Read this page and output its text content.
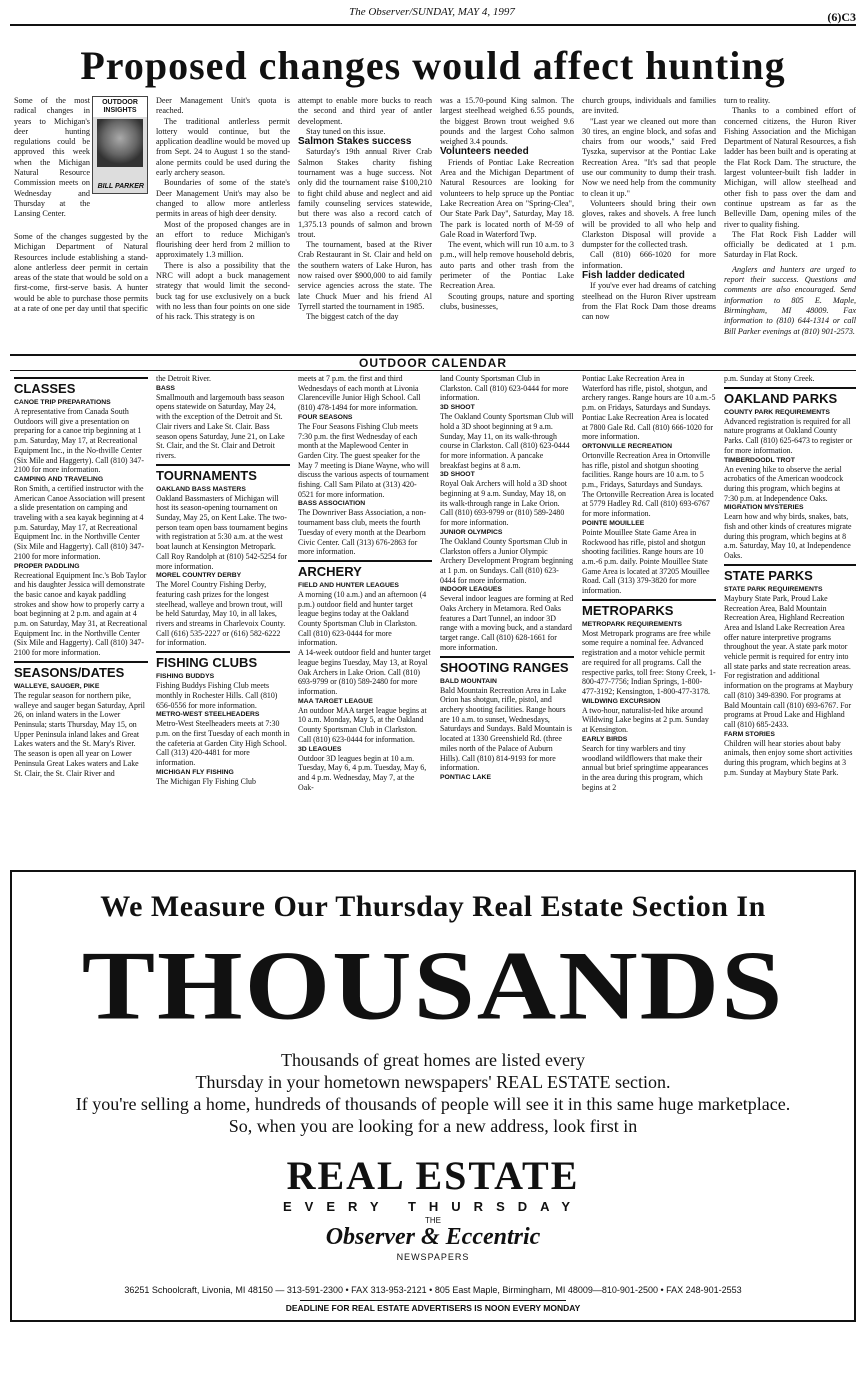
The Observer/SUNDAY, MAY 4, 1997	(6)C3
Proposed changes would affect hunting

Some of the most radical changes in years to Michigan's deer hunting regulations could be approved this week when the Michigan Natural Resource Commission meets on Wednesday and Thursday at the Lansing Center.

OUTDOOR INSIGHTS
BILL PARKER

Some of the changes suggested by the Michigan Department of Natural Resources include establishing a stand-alone antlerless deer permit in certain areas of the state that would be sold on a first-come, first-serve basis. A hunter would be able to purchase those permits at a rate of one per day until that specific

Deer Management Unit's quota is reached.

The traditional antlerless permit lottery would continue, but the application deadline would be moved up from Sept. 24 to August 1 so the stand-alone permits could be used during the early archery season.

Boundaries of some of the state's Deer Management Unit's may also be changed to allow more antlerless permits in areas of high deer density.

Most of the proposed changes are in an effort to reduce Michigan's flourishing deer herd from 2 million to approximately 1.3 million.

There is also a possibility that the NRC will adopt a buck management strategy that would limit the second-buck tag for use exclusively on a buck with no less than four points on one side of his rack. This strategy is on

attempt to enable more bucks to reach the second and third year of antler development.

Stay tuned on this issue.

Salmon Stakes success

Saturday's 19th annual River Crab Salmon Stakes charity fishing tournament was a huge success. Not only did the tournament raise $100,210 to fight child abuse and neglect and aid family counseling services statewide, but there was also a record catch of 1,375.13 pounds of salmon and brown trout.

The tournament, based at the River Crab Restaurant in St. Clair and held on the southern waters of Lake Huron, has now raised over $900,000 to aid family service agencies across the state. The late Chuck Muer and his friend Al Tyrrell started the tournament in 1985.

The biggest catch of the day

was a 15.70-pound King salmon. The largest steelhead weighed 6.55 pounds, the biggest Brown trout weighed 9.6 pounds and the largest Coho salmon weighed 3.4 pounds.

Volunteers needed

Friends of Pontiac Lake Recreation Area and the Michigan Department of Natural Resources are looking for volunteers to help spruce up the Pontiac Lake Recreation Area on "Spring-Clea", Our State Park Day", Saturday, May 18. The park is located north of M-59 of Gale Road in Waterford Twp.

The event, which will run 10 a.m. to 3 p.m., will help remove household debris, auto parts and other trash from the perimeter of the Pontiac Lake Recreation Area.

Scouting groups, nature and sporting clubs, businesses,

church groups, individuals and families are invited.

"Last year we cleaned out more than 30 tires, an engine block, and sofas and chairs from our woods," said Fred Tyszka, supervisor at the Pontiac Lake Recreation Area. "It's sad that people use our community to dump their trash. Now we need help from the community to clean it up."

Volunteers should bring their own gloves, rakes and shovels. A free lunch will be provided to all who help and Clarkston Disposal will provide a dumpster for the collected trash.

Call (810) 666-1020 for more information.

Fish ladder dedicated

If you've ever had dreams of catching steelhead on the Huron River upstream from the Flat Rock Dam those dreams can now

turn to reality.

Thanks to a combined effort of concerned citizens, the Huron River Fishing Association and the Michigan Department of Natural Resources, a fish ladder has been built and is operating at the Flat Rock Dam. The structure, the largest volunteer-built fish ladder in Michigan, will allow steelhead and other fish to pass over the dam and continue upstream as far as the Belleville Dam, opening miles of the river to quality fishing.

The Flat Rock Fish Ladder will officially be dedicated at 1 p.m. Saturday in Flat Rock.

Anglers and hunters are urged to report their success. Questions and comments are also encouraged. Send information to 805 E. Maple, Birmingham, MI 48009. Fax information to (810) 644-1314 or call Bill Parker evenings at (810) 901-2573.

OUTDOOR CALENDAR
CLASSES
CANOE TRIP PREPARATIONS
A representative from Canada South Outdoors will give a presentation on preparing for a canoe trip beginning at 1 p.m. Saturday, May 17, at Recreational Equipment Inc., in the No-thville Center (Six Mile and Haggerty). Call (810) 347-2100 for more information.
CAMPING AND TRAVELING
Ron Smith, a certified instructor with the American Canoe Association will present a slide presentation on camping and traveling with a sea kayak beginning at 4 p.m. Saturday, May 17, at Recreational Equipment Inc. in the Northville Center (Six Mile and Haggerty). Call (810) 347-2100 for more information.
PROPER PADDLING
Recreational Equipment Inc.'s Bob Taylor and his daughter Jessica will demonstrate the basic canoe and kayak paddling strokes and show how to properly carry a boat beginning at 2 p.m. and again at 4 p.m. on Saturday, May 31, at Recreational Equipment Inc. in the Northville Center (Six Mile and Haggerty). Call (810) 347-2100 for more information.
SEASONS/DATES
WALLEYE, SAUGER, PIKE
The regular season for northern pike, walleye and sauger began Saturday, April 26, on inland waters in the Lower Peninsula; starts Thursday, May 15, on Upper Peninsula inland lakes and Great Lakes waters and the St. Mary's River. The season is open all year on Lower Peninsula Great Lakes waters and Lake St. Clair, the St. Clair River and
the Detroit River.
BASS
Smallmouth and largemouth bass season opens statewide on Saturday, May 24, with the exception of the Detroit and St. Clair rivers and Lake St. Clair. Bass season opens Saturday, June 21, on Lake St. Clair, and the St. Clair and Detroit rivers.
TOURNAMENTS
OAKLAND BASS MASTERS
Oakland Bassmasters of Michigan will host its season-opening tournament on Sunday, May 25, on Kent Lake. The two-person team open bass tournament begins with registration at 5:30 a.m. at the west boat launch at Kensington Metropark. Call Roy Randolph at (810) 542-5254 for more information.
MOREL COUNTRY DERBY
The Morel Country Fishing Derby, featuring cash prizes for the longest steelhead, walleye and brown trout, will be held Saturday, May 10, in all lakes, rivers and streams in Charlevoix County. Call (616) 535-2227 or (616) 582-6222 for information.
FISHING CLUBS
FISHING BUDDYS
Fishing Buddys Fishing Club meets monthly in Rochester Hills. Call (810) 656-0556 for more information.
METRO-WEST STEELHEADERS
Metro-West Steelheaders meets at 7:30 p.m. on the first Tuesday of each month in the cafeteria at Garden City High School. Call (313) 420-4481 for more information.
MICHIGAN FLY FISHING
The Michigan Fly Fishing Club
meets at 7 p.m. the first and third Wednesdays of each month at Livonia Clarenceville Junior High School. Call (810) 478-1494 for more information.
FOUR SEASONS
The Four Seasons Fishing Club meets 7:30 p.m. the first Wednesday of each month at the Maplewood Center in Garden City. The guest speaker for the May 7 meeting is Diane Wayne, who will discuss the various aspects of tournament fishing. Call Sam Pilato at (313) 420-0521 for more information.
BASS ASSOCIATION
The Downriver Bass Association, a non-tournament bass club, meets the fourth Tuesday of every month at the Dearborn Civic Center. Call (313) 676-2863 for more information.
ARCHERY
FIELD AND HUNTER LEAGUES
A morning (10 a.m.) and an afternoon (4 p.m.) outdoor field and hunter target league begins today at the Oakland County Sportsman Club in Clarkston. Call (810) 623-0444 for more information.
A 14-week outdoor field and hunter target league begins Tuesday, May 13, at Royal Oak Archers in Lake Orion. Call (810) 693-9799 or (810) 589-2480 for more information.
MAA TARGET LEAGUE
An outdoor MAA target league begins at 10 a.m. Monday, May 5, at the Oakland County Sportsman Club in Clarkston. Call (810) 623-0444 for information.
3D LEAGUES
Outdoor 3D leagues begin at 10 a.m. Tuesday, May 6, 4 p.m. Tuesday, May 6, and 4 p.m. Wednesday, May 7, at the Oak-
land County Sportsman Club in Clarkston. Call (810) 623-0444 for more information.
3D SHOOT
The Oakland County Sportsman Club will hold a 3D shoot beginning at 9 a.m. Sunday, May 11, on its walk-through course in Clarkston. Call (810) 623-0444 for more information. A pancake breakfast begins at 8 a.m.
3D SHOOT
Royal Oak Archers will hold a 3D shoot beginning at 9 a.m. Sunday, May 18, on its walk-through range in Lake Orion. Call (810) 693-9799 or (810) 589-2480 for more information.
JUNIOR OLYMPICS
The Oakland County Sportsman Club in Clarkston offers a Junior Olympic Archery Development Program beginning at 1 p.m. on Sundays. Call (810) 623-0444 for more information.
INDOOR LEAGUES
Several indoor leagues are forming at Red Oaks Archery in Metamora. Red Oaks features a Dart Tunnel, an indoor 3D range with a moving buck, and a standard target range. Call (810) 628-1661 for more information.
SHOOTING RANGES
BALD MOUNTAIN
Bald Mountain Recreation Area in Lake Orion has shotgun, rifle, pistol, and archery shooting facilities. Range hours are 10 a.m. to sunset, Wednesdays, Saturdays and Sundays. Bald Mountain is located at 1330 Greenshield Rd. (three miles north of the Palace of Auburn Hills). Call (810) 814-9193 for more information.
PONTIAC LAKE
Pontiac Lake Recreation Area in Waterford has rifle, pistol, shotgun, and archery ranges. Range hours are 10 a.m.-5 p.m. on Fridays, Saturdays and Sundays. Pontiac Lake Recreation Area is located at 7800 Gale Rd. Call (810) 666-1020 for more information.
ORTONVILLE RECREATION
Ortonville Recreation Area in Ortonville has rifle, pistol and shotgun shooting facilities. Range hours are 10 a.m. to 5 p.m., Fridays, Saturdays and Sundays. The Ortonville Recreation Area is located at 5779 Hadley Rd. Call (810) 693-6767 for more information.
POINTE MOUILLEE
Pointe Mouillee State Game Area in Rockwood has rifle, pistol and shotgun shooting facilities. Range hours are 10 a.m.-6 p.m. daily. Pointe Mouillee State Game Area is located at 37205 Mouillee Road. Call (313) 379-3820 for more information.
METROPARKS
METROPARK REQUIREMENTS
Most Metropark programs are free while some require a nominal fee. Advanced registration and a motor vehicle permit are required for all programs. Call the respective parks, toll free: Stony Creek, 1-800-477-7756; Indian Springs, 1-800-477-3192; Kensington, 1-800-477-3178.
WILDWING EXCURSION
A two-hour, naturalist-led hike around Wildwing Lake begins at 2 p.m. Sunday at Kensington.
EARLY BIRDS
Search for tiny warblers and tiny woodland wildflowers that make their annual but brief springtime appearances in the area during this program, which begins at 2
p.m. Sunday at Stony Creek.
OAKLAND PARKS
COUNTY PARK REQUIREMENTS
Advanced registration is required for all nature programs at Oakland County Parks. Call (810) 625-6473 to register or for more information.
TIMBERDOODL TROT
An evening hike to observe the aerial acrobatics of the American woodcock during this program, which begins at 7:30 p.m. at Independence Oaks.
MIGRATION MYSTERIES
Learn how and why birds, snakes, bats, fish and other kinds of creatures migrate during this program, which begins at 8 a.m. Saturday, May 10, at Independence Oaks.
STATE PARKS
STATE PARK REQUIREMENTS
Maybury State Park, Proud Lake Recreation Area, Bald Mountain Recreation Area, Highland Recreation Area and Island Lake Recreation Area offer nature interpretive programs throughout the year. A state park motor vehicle permit is required for entry into all state parks and state recreation areas. For registration and additional information on the programs at Maybury call (810) 349-8390. For programs at Bald Mountain call (810) 693-6767. For programs at Proud Lake and Highland call (810) 685-2433.
FARM STORIES
Children will hear stories about baby animals, then enjoy some short activities during this program, which begins at 3 p.m. Sunday at Maybury State Park.
We Measure Our Thursday Real Estate Section In
THOUSANDS
Thousands of great homes are listed every
Thursday in your hometown newspapers' REAL ESTATE section.
If you're selling a home, hundreds of thousands of people will see it in this same huge marketplace.
So, when you are looking for a new address, look first in
REAL ESTATE
EVERY THURSDAY
THE
Observer & Eccentric
NEWSPAPERS
36251 Schoolcraft, Livonia, MI 48150 — 313-591-2300 • FAX 313-953-2121 • 805 East Maple, Birmingham, MI 48009—810-901-2500 • FAX 248-901-2553
DEADLINE FOR REAL ESTATE ADVERTISERS IS NOON EVERY MONDAY
